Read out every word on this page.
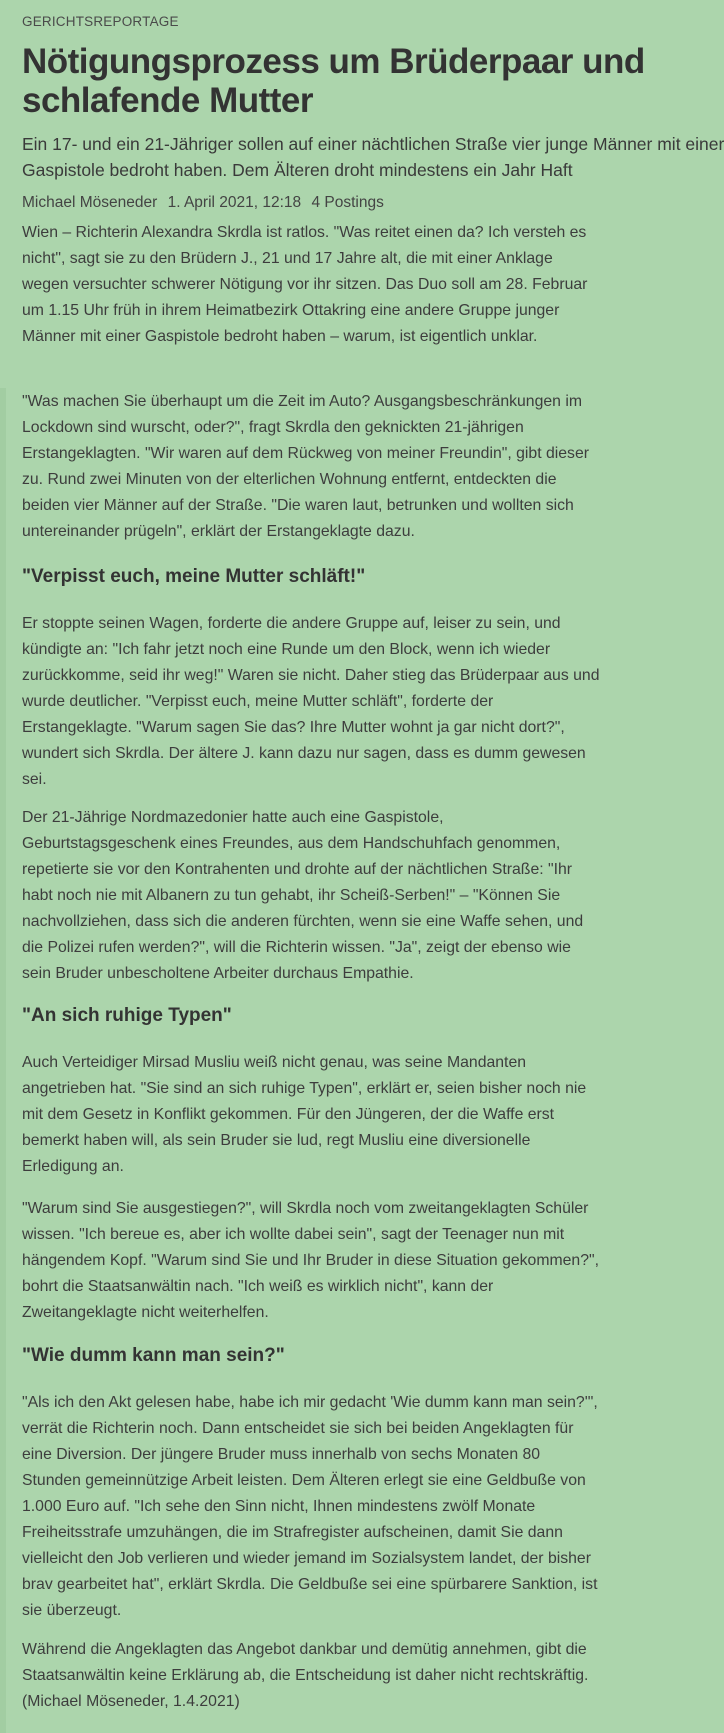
GERICHTSREPORTAGE
Nötigungsprozess um Brüderpaar und
schlafende Mutter

Ein 17- und ein 21-Jähriger sollen auf einer nächtlichen Straße vier junge Männer mit einer
Gaspistole bedroht haben. Dem Älteren droht mindestens ein Jahr Haft

Michael Möseneder 1. April 2021, 12:18 4 Postings

Wien – Richterin Alexandra Skrdla ist ratlos. "Was reitet einen da? Ich versteh es
nicht", sagt sie zu den Brüdern J., 21 und 17 Jahre alt, die mit einer Anklage
wegen versuchter schwerer Nötigung vor ihr sitzen. Das Duo soll am 28. Februar
um 1.15 Uhr früh in ihrem Heimatbezirk Ottakring eine andere Gruppe junger
Männer mit einer Gaspistole bedroht haben – warum, ist eigentlich unklar.

"Was machen Sie überhaupt um die Zeit im Auto? Ausgangsbeschränkungen im
Lockdown sind wurscht, oder?", fragt Skrdla den geknickten 21-jährigen
Erstangeklagten. "Wir waren auf dem Rückweg von meiner Freundin", gibt dieser
zu. Rund zwei Minuten von der elterlichen Wohnung entfernt, entdeckten die
beiden vier Männer auf der Straße. "Die waren laut, betrunken und wollten sich
untereinander prügeln", erklärt der Erstangeklagte dazu.

"Verpisst euch, meine Mutter schläft!"

Er stoppte seinen Wagen, forderte die andere Gruppe auf, leiser zu sein, und
kündigte an: "Ich fahr jetzt noch eine Runde um den Block, wenn ich wieder
zurückkomme, seid ihr weg!" Waren sie nicht. Daher stieg das Brüderpaar aus und
wurde deutlicher. "Verpisst euch, meine Mutter schläft", forderte der
Erstangeklagte. "Warum sagen Sie das? Ihre Mutter wohnt ja gar nicht dort?",
wundert sich Skrdla. Der ältere J. kann dazu nur sagen, dass es dumm gewesen
sei.

Der 21-Jährige Nordmazedonier hatte auch eine Gaspistole,
Geburtstagsgeschenk eines Freundes, aus dem Handschuhfach genommen,
repetierte sie vor den Kontrahenten und drohte auf der nächtlichen Straße: "Ihr
habt noch nie mit Albanern zu tun gehabt, ihr Scheiß-Serben!" – "Können Sie
nachvollziehen, dass sich die anderen fürchten, wenn sie eine Waffe sehen, und
die Polizei rufen werden?", will die Richterin wissen. "Ja", zeigt der ebenso wie
sein Bruder unbescholtene Arbeiter durchaus Empathie.

"An sich ruhige Typen"

Auch Verteidiger Mirsad Musliu weiß nicht genau, was seine Mandanten
angetrieben hat. "Sie sind an sich ruhige Typen", erklärt er, seien bisher noch nie
mit dem Gesetz in Konflikt gekommen. Für den Jüngeren, der die Waffe erst
bemerkt haben will, als sein Bruder sie lud, regt Musliu eine diversionelle
Erledigung an.

"Warum sind Sie ausgestiegen?", will Skrdla noch vom zweitangeklagten Schüler
wissen. "Ich bereue es, aber ich wollte dabei sein", sagt der Teenager nun mit
hängendem Kopf. "Warum sind Sie und Ihr Bruder in diese Situation gekommen?",
bohrt die Staatsanwältin nach. "Ich weiß es wirklich nicht", kann der
Zweitangeklagte nicht weiterhelfen.

"Wie dumm kann man sein?"

"Als ich den Akt gelesen habe, habe ich mir gedacht 'Wie dumm kann man sein?'",
verrät die Richterin noch. Dann entscheidet sie sich bei beiden Angeklagten für
eine Diversion. Der jüngere Bruder muss innerhalb von sechs Monaten 80
Stunden gemeinnützige Arbeit leisten. Dem Älteren erlegt sie eine Geldbuße von
1.000 Euro auf. "Ich sehe den Sinn nicht, Ihnen mindestens zwölf Monate
Freiheitsstrafe umzuhängen, die im Strafregister aufscheinen, damit Sie dann
vielleicht den Job verlieren und wieder jemand im Sozialsystem landet, der bisher
brav gearbeitet hat", erklärt Skrdla. Die Geldbuße sei eine spürbarere Sanktion, ist
sie überzeugt.

Während die Angeklagten das Angebot dankbar und demütig annehmen, gibt die
Staatsanwältin keine Erklärung ab, die Entscheidung ist daher nicht rechtskräftig.
(Michael Möseneder, 1.4.2021)
